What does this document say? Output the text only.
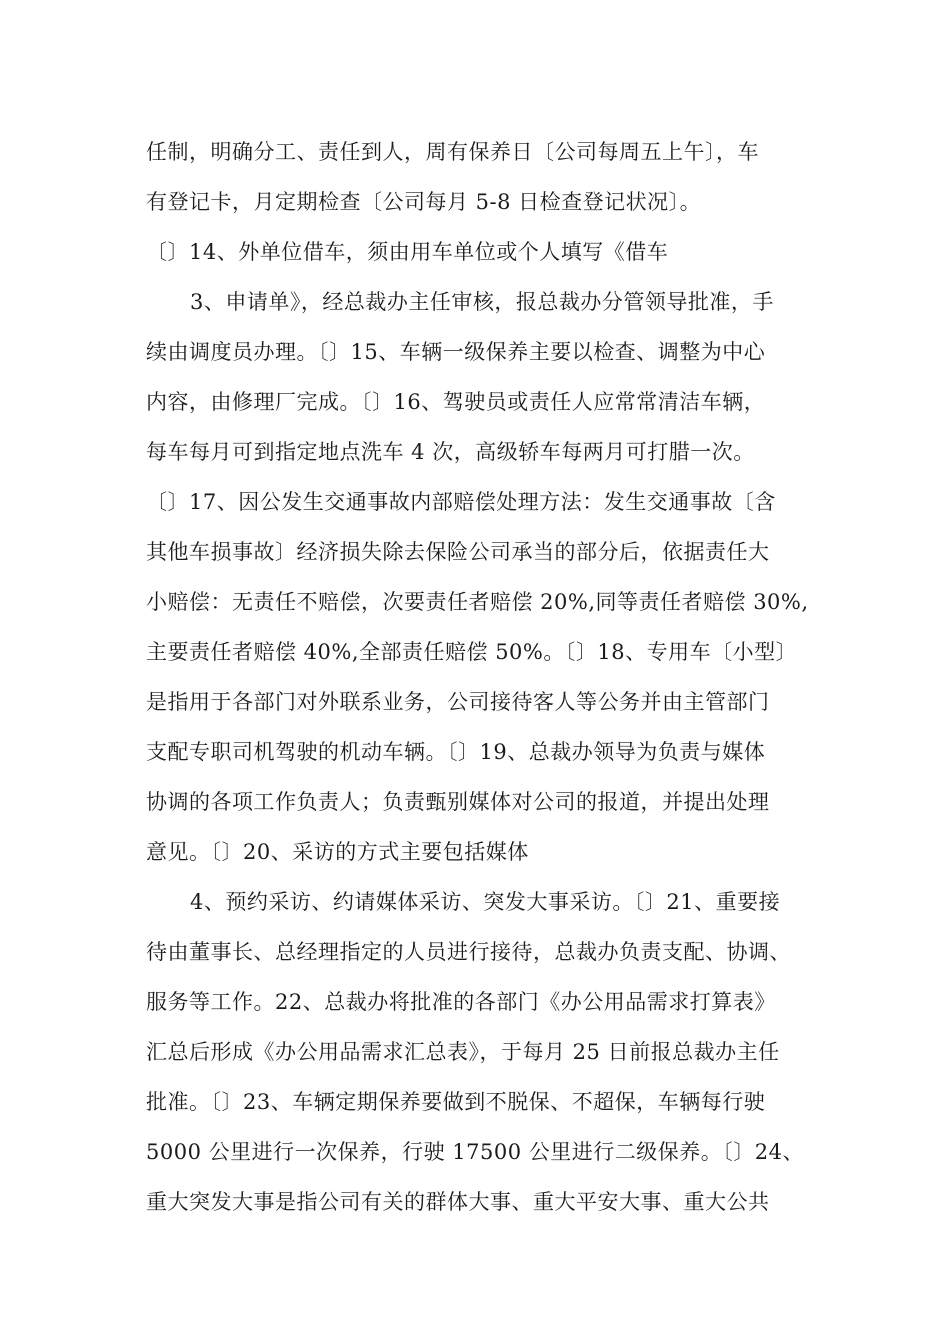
任制，明确分工、责任到人，周有保养日〔公司每周五上午〕，车
有登记卡，月定期检查〔公司每月 5-8 日检查登记状况〕。
〔〕14、外单位借车，须由用车单位或个人填写《借车
3、申请单》，经总裁办主任审核，报总裁办分管领导批准，手
续由调度员办理。〔〕15、车辆一级保养主要以检查、调整为中心
内容，由修理厂完成。〔〕16、驾驶员或责任人应常常清洁车辆，
每车每月可到指定地点洗车 4 次，高级轿车每两月可打腊一次。
〔〕17、因公发生交通事故内部赔偿处理方法：发生交通事故〔含
其他车损事故〕经济损失除去保险公司承当的部分后，依据责任大
小赔偿：无责任不赔偿，次要责任者赔偿 20%,同等责任者赔偿 30%,
主要责任者赔偿 40%,全部责任赔偿 50%。〔〕18、专用车〔小型〕
是指用于各部门对外联系业务，公司接待客人等公务并由主管部门
支配专职司机驾驶的机动车辆。〔〕19、总裁办领导为负责与媒体
协调的各项工作负责人；负责甄别媒体对公司的报道，并提出处理
意见。〔〕20、采访的方式主要包括媒体
4、预约采访、约请媒体采访、突发大事采访。〔〕21、重要接
待由董事长、总经理指定的人员进行接待，总裁办负责支配、协调、
服务等工作。22、总裁办将批准的各部门《办公用品需求打算表》
汇总后形成《办公用品需求汇总表》，于每月 25 日前报总裁办主任
批准。〔〕23、车辆定期保养要做到不脱保、不超保，车辆每行驶
5000 公里进行一次保养，行驶 17500 公里进行二级保养。〔〕24、
重大突发大事是指公司有关的群体大事、重大平安大事、重大公共
